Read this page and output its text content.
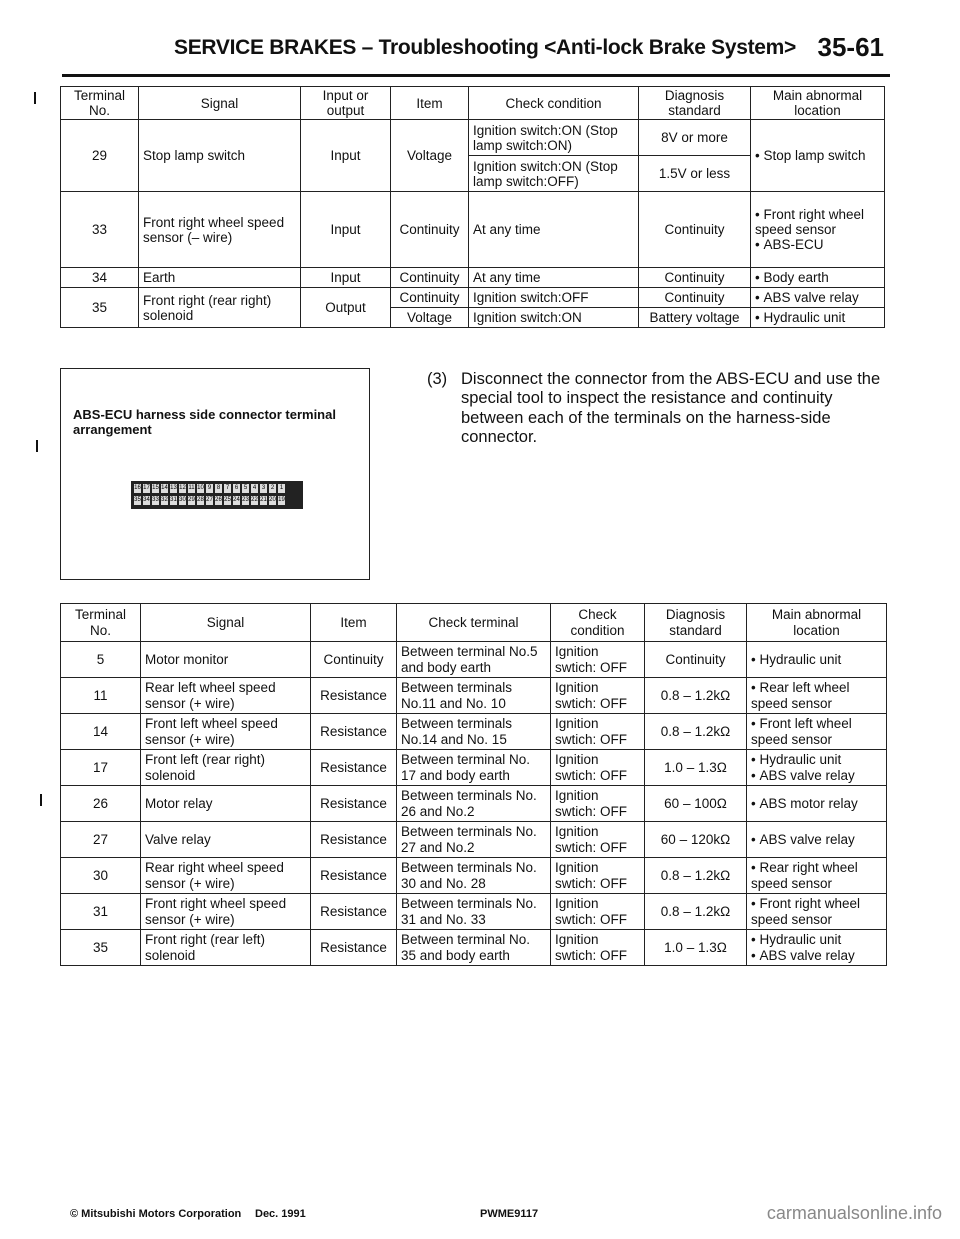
SERVICE BRAKES – Troubleshooting <Anti-lock Brake System> 35-61
Terminal No.	Signal	Input or output	Item	Check condition	Diagnosis standard	Main abnormal location
29	Stop lamp switch	Input	Voltage	Ignition switch:ON (Stop lamp switch:ON)	8V or more	• Stop lamp switch

				Ignition switch:ON (Stop lamp switch:OFF)	1.5V or less	
33	Front right wheel speed sensor (– wire)	Input	Continuity	At any time	Continuity	• Front right wheel speed sensor
• ABS-ECU

34	Earth	Input	Continuity	At any time	Continuity	• Body earth

35	Front right (rear right) solenoid	Output	Continuity	Ignition switch:OFF	Continuity	• ABS valve relay

			Voltage	Ignition switch:ON	Battery voltage	• Hydraulic unit
ABS-ECU harness side connector terminal arrangement
16 17 15 14 13 12 11 10 9 8 7 6 5 4 3 2 1
35 34 33 32 31 30 29 28 27 26 25 24 23 22 21 20 19
(3) Disconnect the connector from the ABS-ECU and use the special tool to inspect the resistance and continuity between each of the terminals on the harness-side connector.
Terminal No.	Signal	Item	Check terminal	Check condition	Diagnosis standard	Main abnormal location
5	Motor monitor	Continuity	Between terminal No.5 and body earth	Ignition swtich: OFF	Continuity	• Hydraulic unit

11	Rear left wheel speed sensor (+ wire)	Resistance	Between terminals No.11 and No. 10	Ignition swtich: OFF	0.8 – 1.2kΩ	• Rear left wheel speed sensor

14	Front left wheel speed sensor (+ wire)	Resistance	Between terminals No.14 and No. 15	Ignition swtich: OFF	0.8 – 1.2kΩ	• Front left wheel speed sensor

17	Front left (rear right) solenoid	Resistance	Between terminal No. 17 and body earth	Ignition swtich: OFF	1.0 – 1.3Ω	• Hydraulic unit
• ABS valve relay

26	Motor relay	Resistance	Between terminals No. 26 and No.2	Ignition swtich: OFF	60 – 100Ω	• ABS motor relay

27	Valve relay	Resistance	Between terminals No. 27 and No.2	Ignition swtich: OFF	60 – 120kΩ	• ABS valve relay

30	Rear right wheel speed sensor (+ wire)	Resistance	Between terminals No. 30 and No. 28	Ignition swtich: OFF	0.8 – 1.2kΩ	• Rear right wheel speed sensor

31	Front right wheel speed sensor (+ wire)	Resistance	Between terminals No. 31 and No. 33	Ignition swtich: OFF	0.8 – 1.2kΩ	• Front right wheel speed sensor

35	Front right (rear left) solenoid	Resistance	Between terminal No. 35 and body earth	Ignition swtich: OFF	1.0 – 1.3Ω	• Hydraulic unit
• ABS valve relay
© Mitsubishi Motors Corporation Dec. 1991	PWME9117	carmanualsonline.info
